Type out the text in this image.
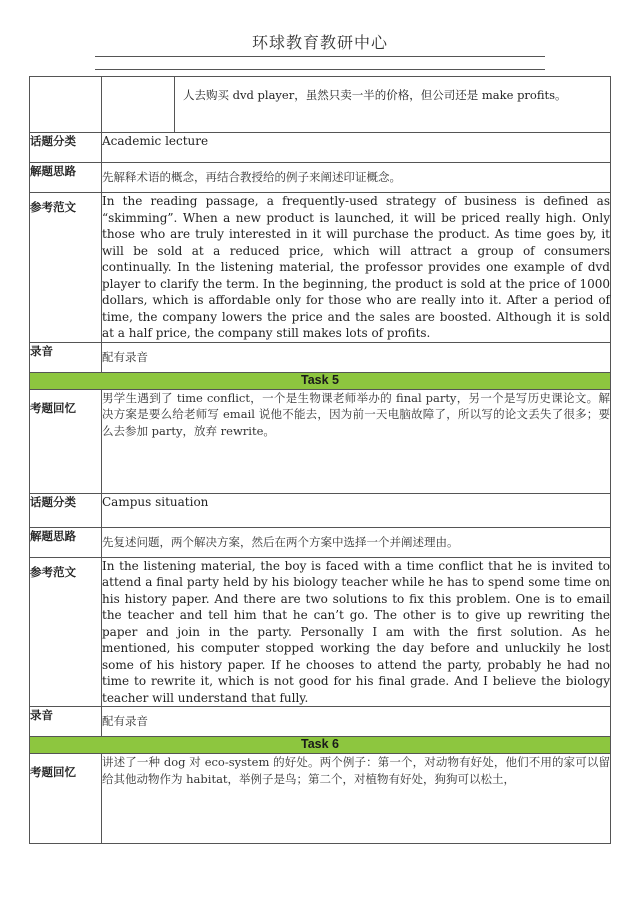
环球教育教研中心

	人去购买 dvd player，虽然只卖一半的价格，但公司还是 make profits。

话题分类	Academic lecture
解题思路	先解释术语的概念，再结合教授给的例子来阐述印证概念。
参考范文	In the reading passage, a frequently-used strategy of business is defined as “skimming”. When a new product is launched, it will be priced really high. Only those who are truly interested in it will purchase the product. As time goes by, it will be sold at a reduced price, which will attract a group of consumers continually. In the listening material, the professor provides one example of dvd player to clarify the term. In the beginning, the product is sold at the price of 1000 dollars, which is affordable only for those who are really into it. After a period of time, the company lowers the price and the sales are boosted. Although it is sold at a half price, the company still makes lots of profits.
录音	配有录音
Task 5	
考题回忆	男学生遇到了 time conflict，一个是生物课老师举办的 final party，另一个是写历史课论文。解决方案是要么给老师写 email 说他不能去，因为前一天电脑故障了，所以写的论文丢失了很多；要么去参加 party，放弃 rewrite。
话题分类	Campus situation
解题思路	先复述问题，两个解决方案，然后在两个方案中选择一个并阐述理由。
参考范文	In the listening material, the boy is faced with a time conflict that he is invited to attend a final party held by his biology teacher while he has to spend some time on his history paper. And there are two solutions to fix this problem. One is to email the teacher and tell him that he can’t go. The other is to give up rewriting the paper and join in the party. Personally I am with the first solution. As he mentioned, his computer stopped working the day before and unluckily he lost some of his history paper. If he chooses to attend the party, probably he had no time to rewrite it, which is not good for his final grade. And I believe the biology teacher will understand that fully.
录音	配有录音
Task 6	
考题回忆	讲述了一种 dog 对 eco-system 的好处。两个例子：第一个，对动物有好处，他们不用的家可以留给其他动物作为 habitat，举例子是鸟；第二个，对植物有好处，狗狗可以松土，
